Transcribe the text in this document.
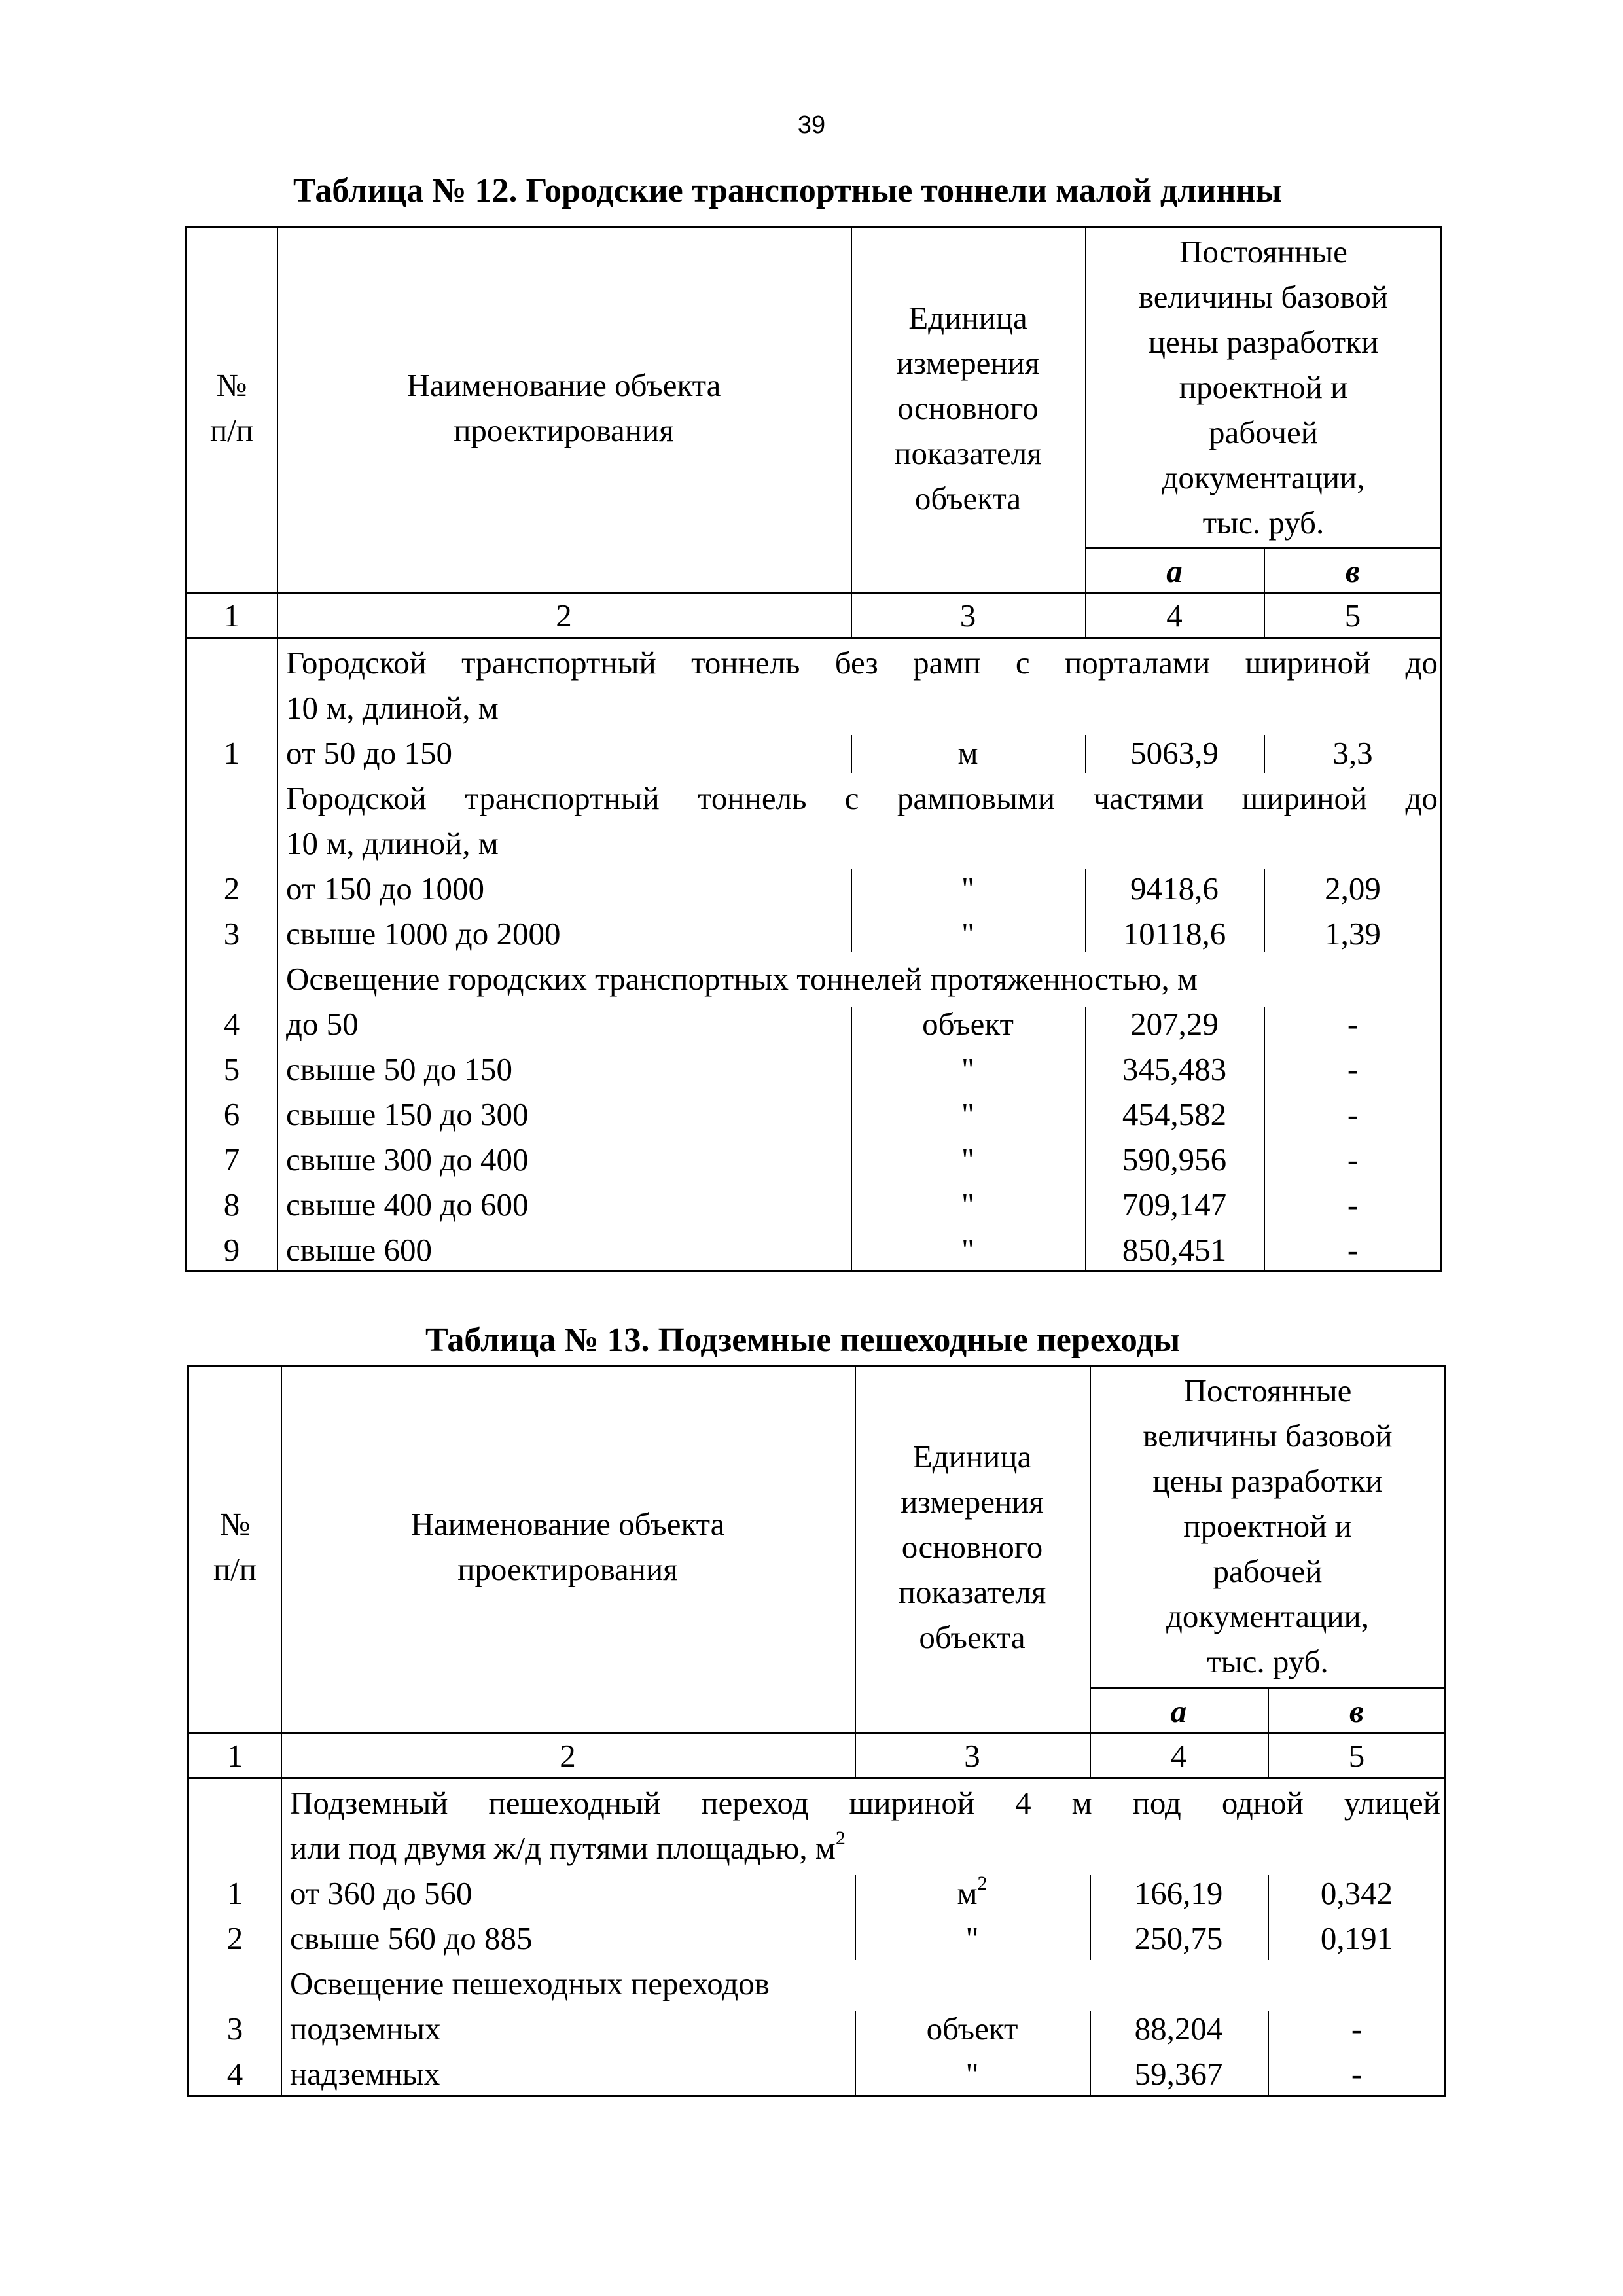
39
Таблица № 12. Городские транспортные тоннели малой длинны
№
п/п
Наименование объекта
проектирования
Единица
измерения
основного
показателя
объекта
Постоянные
величины базовой
цены разработки
проектной и
рабочей
документации,
тыс. руб.
а	в
1	2	3	4	5
Городской транспортный тоннель без рамп с порталами шириной до
10 м, длиной, м
1	от 50 до 150	м	5063,9	3,3
Городской транспортный тоннель с рамповыми частями шириной до
10 м, длиной, м
2	от 150 до 1000	"	9418,6	2,09
3	свыше 1000 до 2000	"	10118,6	1,39
Освещение городских транспортных тоннелей протяженностью, м
4	до 50	объект	207,29	-
5	свыше 50 до 150	"	345,483	-
6	свыше 150 до 300	"	454,582	-
7	свыше 300 до 400	"	590,956	-
8	свыше 400 до 600	"	709,147	-
9	свыше 600	"	850,451	-
Таблица № 13. Подземные пешеходные переходы
№
п/п
Наименование объекта
проектирования
Единица
измерения
основного
показателя
объекта
Постоянные
величины базовой
цены разработки
проектной и
рабочей
документации,
тыс. руб.
а	в
1	2	3	4	5
Подземный пешеходный переход шириной 4 м под одной улицей
или под двумя ж/д путями площадью, $м^2$
1	от 360 до 560	$м^2$	166,19	0,342
2	свыше 560 до 885	"	250,75	0,191
Освещение пешеходных переходов
3	подземных	объект	88,204	-
4	надземных	"	59,367	-
